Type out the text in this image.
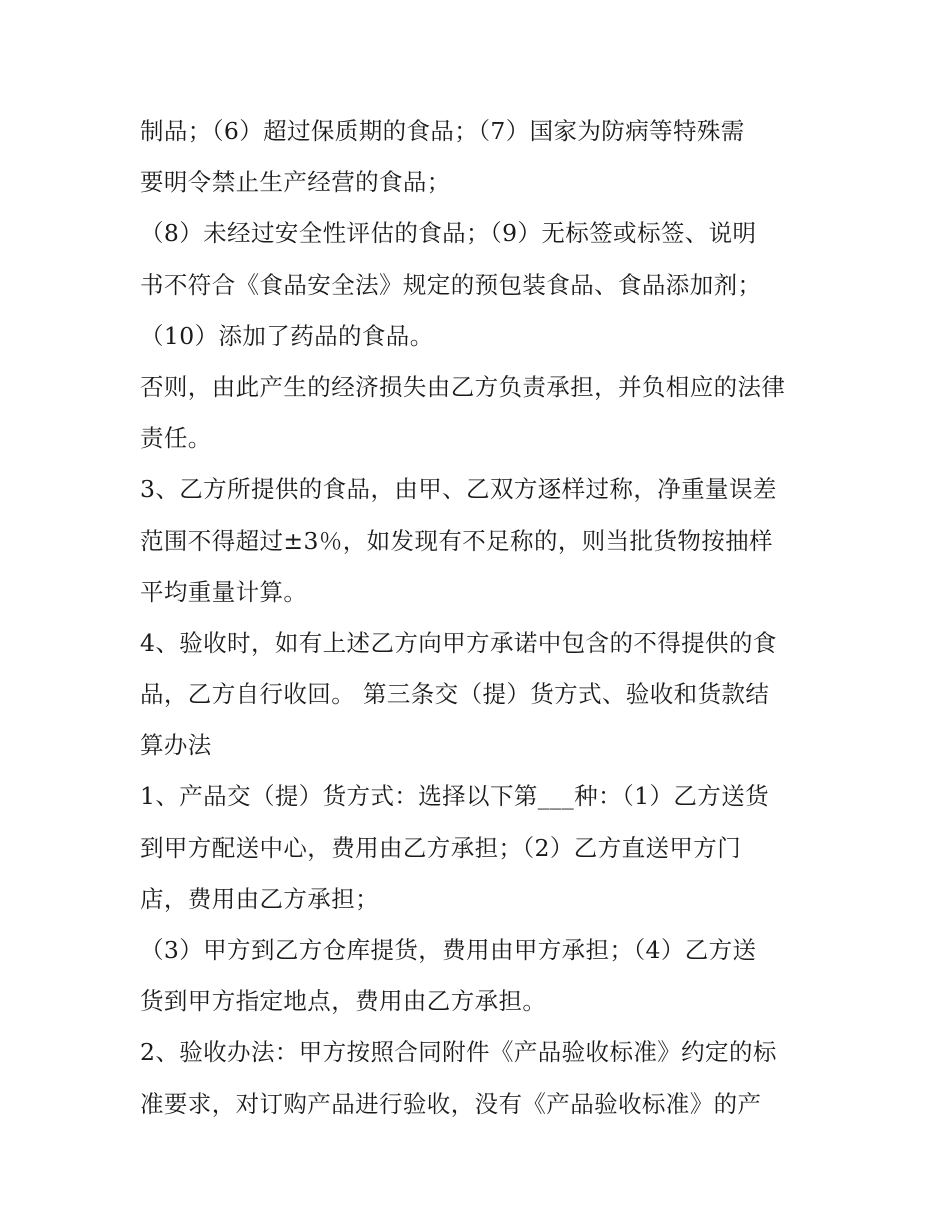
制品；（6）超过保质期的食品；（7）国家为防病等特殊需
要明令禁止生产经营的食品；
（8）未经过安全性评估的食品；（9）无标签或标签、说明
书不符合《食品安全法》规定的预包装食品、食品添加剂；
（10）添加了药品的食品。
否则，由此产生的经济损失由乙方负责承担，并负相应的法律
责任。
3、乙方所提供的食品，由甲、乙双方逐样过称，净重量误差
范围不得超过±3％，如发现有不足称的，则当批货物按抽样
平均重量计算。
4、验收时，如有上述乙方向甲方承诺中包含的不得提供的食
品，乙方自行收回。 第三条交（提）货方式、验收和货款结
算办法
1、产品交（提）货方式：选择以下第___种：（1）乙方送货
到甲方配送中心，费用由乙方承担；（2）乙方直送甲方门
店，费用由乙方承担；
（3）甲方到乙方仓库提货，费用由甲方承担；（4）乙方送
货到甲方指定地点，费用由乙方承担。
2、验收办法：甲方按照合同附件《产品验收标准》约定的标
准要求，对订购产品进行验收，没有《产品验收标准》的产
